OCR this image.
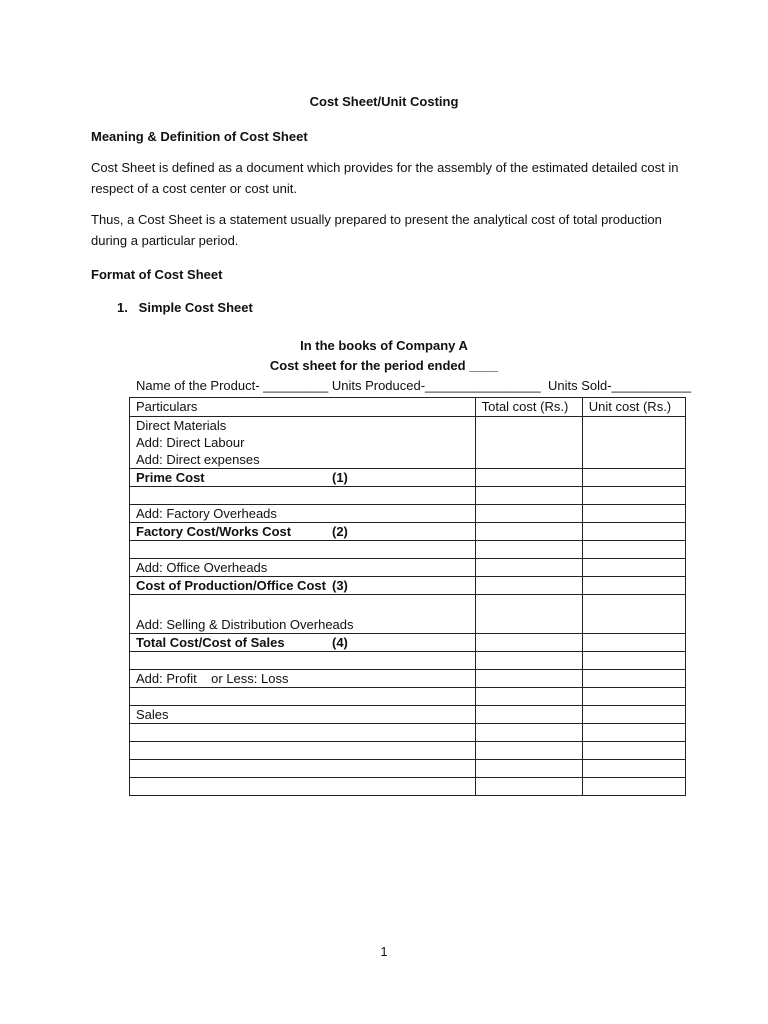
Cost Sheet/Unit Costing
Meaning & Definition of Cost Sheet
Cost Sheet is defined as a document which provides for the assembly of the estimated detailed cost in respect of a cost center or cost unit.
Thus, a Cost Sheet is a statement usually prepared to present the analytical cost of total production during a particular period.
Format of Cost Sheet
1.   Simple Cost Sheet
In the books of Company A
Cost sheet for the period ended ____
Name of the Product- _________ Units Produced-________________  Units Sold-___________
Particulars	Total cost (Rs.)	Unit cost (Rs.)

Direct Materials
Add: Direct Labour
Add: Direct expenses		

Prime Cost (1)		

Add: Factory Overheads		
Factory Cost/Works Cost (2)		

Add: Office Overheads		
Cost of Production/Office Cost (3)		

Add: Selling & Distribution Overheads		

Total Cost/Cost of Sales (4)		

Add: Profit    or Less: Loss		

Sales		

1
